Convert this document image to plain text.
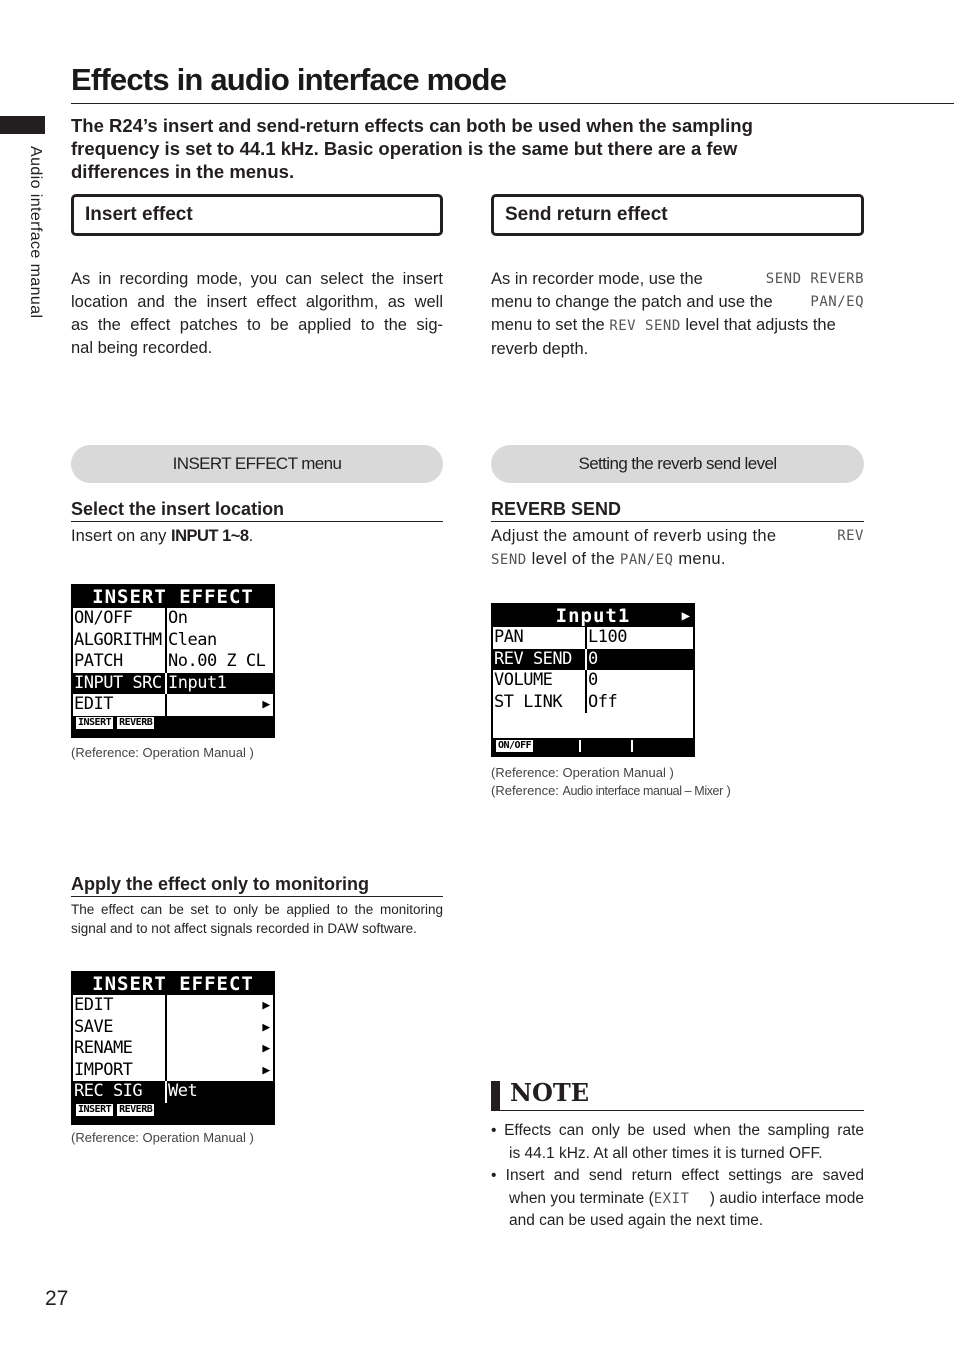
Effects in audio interface mode
Audio interface manual
The R24’s insert and send-return effects can both be used when the sampling frequency is set to 44.1 kHz. Basic operation is the same but there are a few differences in the menus.
Insert effect
As in recording mode, you can select the insert
location and the insert effect algorithm, as well
as the effect patches to be applied to the sig-
nal being recorded.
INSERT EFFECT menu
Select the insert location
Insert on any INPUT 1~8.
INSERT EFFECT
ON/OFF	On
ALGORITHM Clean
PATCH	No.00 Z CL
INPUT SRC Input1
EDIT	▶
INSERT REVERB
(Reference: Operation Manual )
Apply the effect only to monitoring
The effect can be set to only be applied to the monitoring signal and to not affect signals recorded in DAW software.
INSERT EFFECT
EDIT	▶
SAVE	▶
RENAME	▶
IMPORT	▶
REC SIG	Wet
INSERT REVERB
(Reference: Operation Manual )
Send return effect
As in recorder mode, use the	SEND REVERB
menu to change the patch and use the	PAN/EQ
menu to set the REV SEND level that adjusts the
reverb depth.
Setting the reverb send level
REVERB SEND
Adjust the amount of reverb using the	REV
SEND level of the PAN/EQ menu.
Input1	▶
PAN	L100
REV SEND 0
VOLUME	0
ST LINK	Off
ON/OFF
(Reference: Operation Manual )
(Reference: Audio interface manual – Mixer )
NOTE
• Effects can only be used when the sampling rate
is 44.1 kHz. At all other times it is turned OFF.
• Insert and send return effect settings are saved
when you terminate (EXIT ) audio interface mode
and can be used again the next time.
27
